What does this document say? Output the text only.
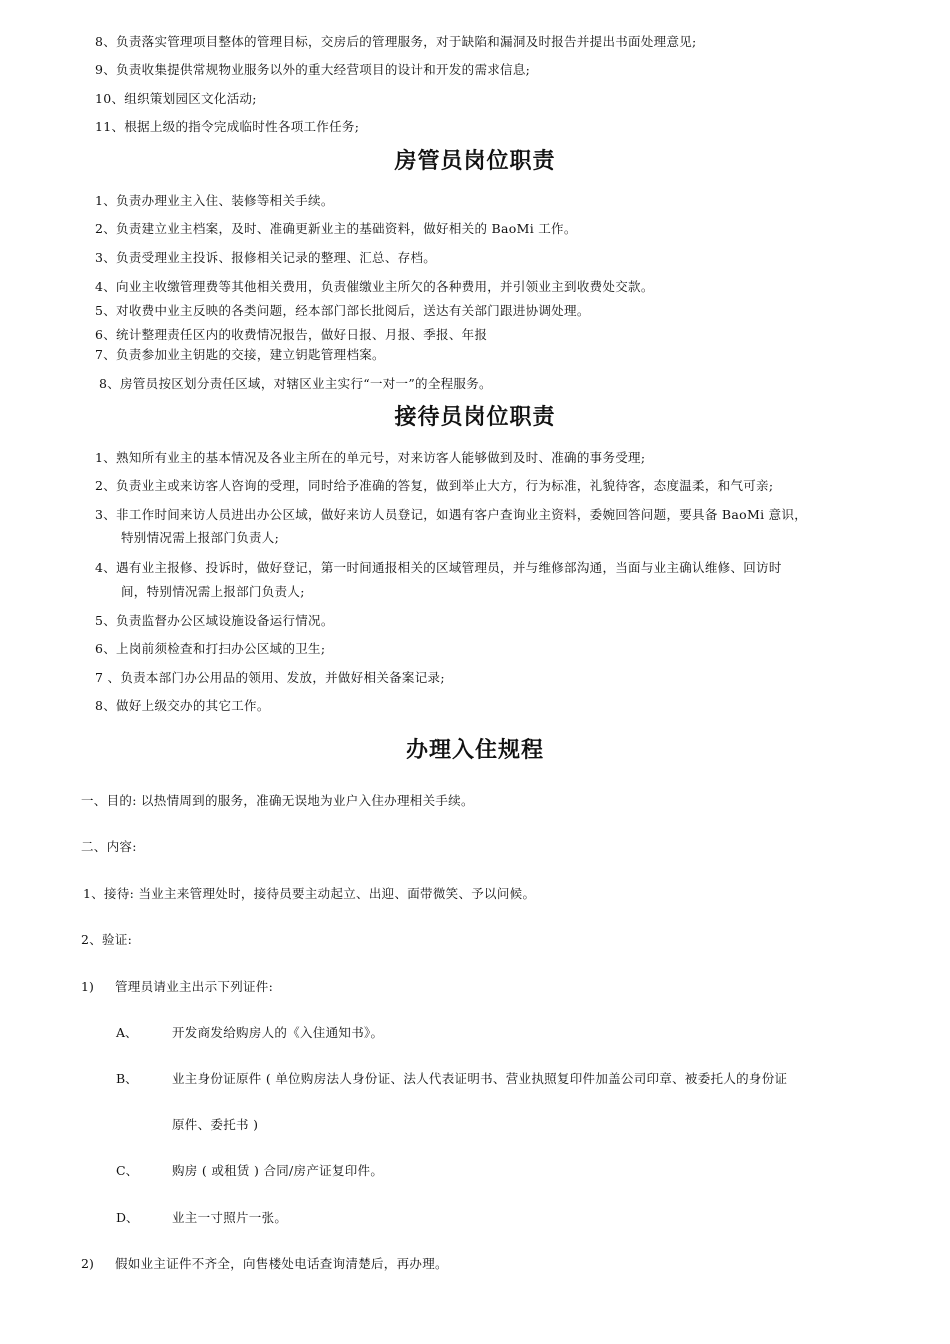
8、负责落实管理项目整体的管理目标，交房后的管理服务，对于缺陷和漏洞及时报告并提出书面处理意见;
9、负责收集提供常规物业服务以外的重大经营项目的设计和开发的需求信息;
10、组织策划园区文化活动;
11、根据上级的指令完成临时性各项工作任务;
房管员岗位职责
1、负责办理业主入住、装修等相关手续。
2、负责建立业主档案，及时、准确更新业主的基础资料，做好相关的 BaoMi 工作。
3、负责受理业主投诉、报修相关记录的整理、汇总、存档。
4、向业主收缴管理费等其他相关费用，负责催缴业主所欠的各种费用，并引领业主到收费处交款。
5、对收费中业主反映的各类问题，经本部门部长批阅后，送达有关部门跟进协调处理。
6、统计整理责任区内的收费情况报告，做好日报、月报、季报、年报
7、负责参加业主钥匙的交接，建立钥匙管理档案。
8、房管员按区划分责任区域，对辖区业主实行“一对一”的全程服务。
接待员岗位职责
1、熟知所有业主的基本情况及各业主所在的单元号，对来访客人能够做到及时、准确的事务受理;
2、负责业主或来访客人咨询的受理，同时给予准确的答复，做到举止大方，行为标准，礼貌待客，态度温柔，和气可亲;
3、非工作时间来访人员进出办公区域，做好来访人员登记，如遇有客户查询业主资料，委婉回答问题，要具备 BaoMi 意识，
特别情况需上报部门负责人;
4、遇有业主报修、投诉时，做好登记，第一时间通报相关的区域管理员，并与维修部沟通，当面与业主确认维修、回访时
间，特别情况需上报部门负责人;
5、负责监督办公区域设施设备运行情况。
6、上岗前须检查和打扫办公区域的卫生;
7 、负责本部门办公用品的领用、发放，并做好相关备案记录;
8、做好上级交办的其它工作。
办理入住规程
一、目的: 以热情周到的服务，准确无误地为业户入住办理相关手续。
二、内容:
1、接待: 当业主来管理处时，接待员要主动起立、出迎、面带微笑、予以问候。
2、验证:
1) 管理员请业主出示下列证件:
A、	开发商发给购房人的《入住通知书》。
B、	业主身份证原件 ( 单位购房法人身份证、法人代表证明书、营业执照复印件加盖公司印章、被委托人的身份证
原件、委托书 )
C、	购房 ( 或租赁 ) 合同/房产证复印件。
D、	业主一寸照片一张。
2) 假如业主证件不齐全，向售楼处电话查询清楚后，再办理。
